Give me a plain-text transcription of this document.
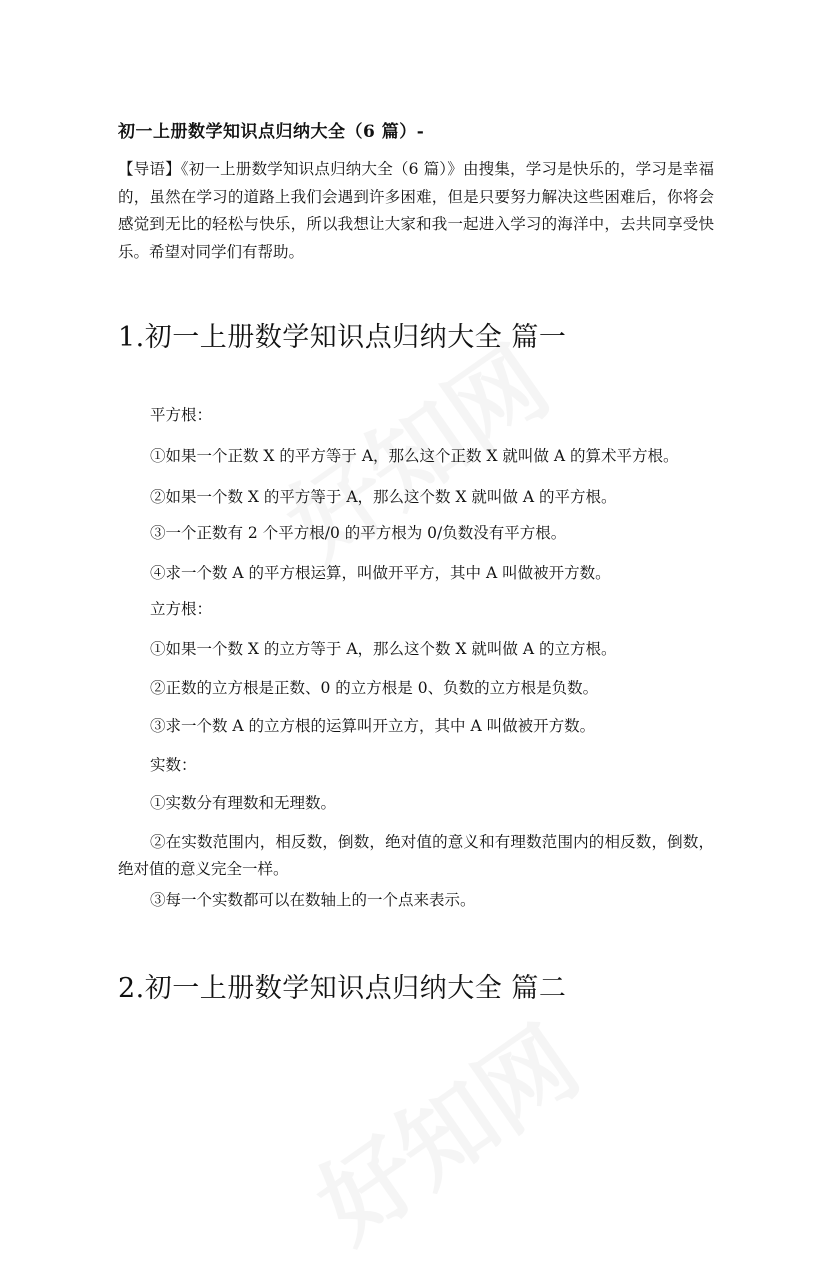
初一上册数学知识点归纳大全（6 篇）-

【导语】《初一上册数学知识点归纳大全（6 篇）》由搜集，学习是快乐的，学习是幸福的，虽然在学习的道路上我们会遇到许多困难，但是只要努力解决这些困难后，你将会感觉到无比的轻松与快乐，所以我想让大家和我一起进入学习的海洋中，去共同享受快乐。希望对同学们有帮助。

1.初一上册数学知识点归纳大全 篇一

平方根：

①如果一个正数 X 的平方等于 A，那么这个正数 X 就叫做 A 的算术平方根。

②如果一个数 X 的平方等于 A，那么这个数 X 就叫做 A 的平方根。

③一个正数有 2 个平方根/0 的平方根为 0/负数没有平方根。

④求一个数 A 的平方根运算，叫做开平方，其中 A 叫做被开方数。

立方根：

①如果一个数 X 的立方等于 A，那么这个数 X 就叫做 A 的立方根。

②正数的立方根是正数、0 的立方根是 0、负数的立方根是负数。

③求一个数 A 的立方根的运算叫开立方，其中 A 叫做被开方数。

实数：

①实数分有理数和无理数。

②在实数范围内，相反数，倒数，绝对值的意义和有理数范围内的相反数，倒数，绝对值的意义完全一样。

③每一个实数都可以在数轴上的一个点来表示。

2.初一上册数学知识点归纳大全 篇二
